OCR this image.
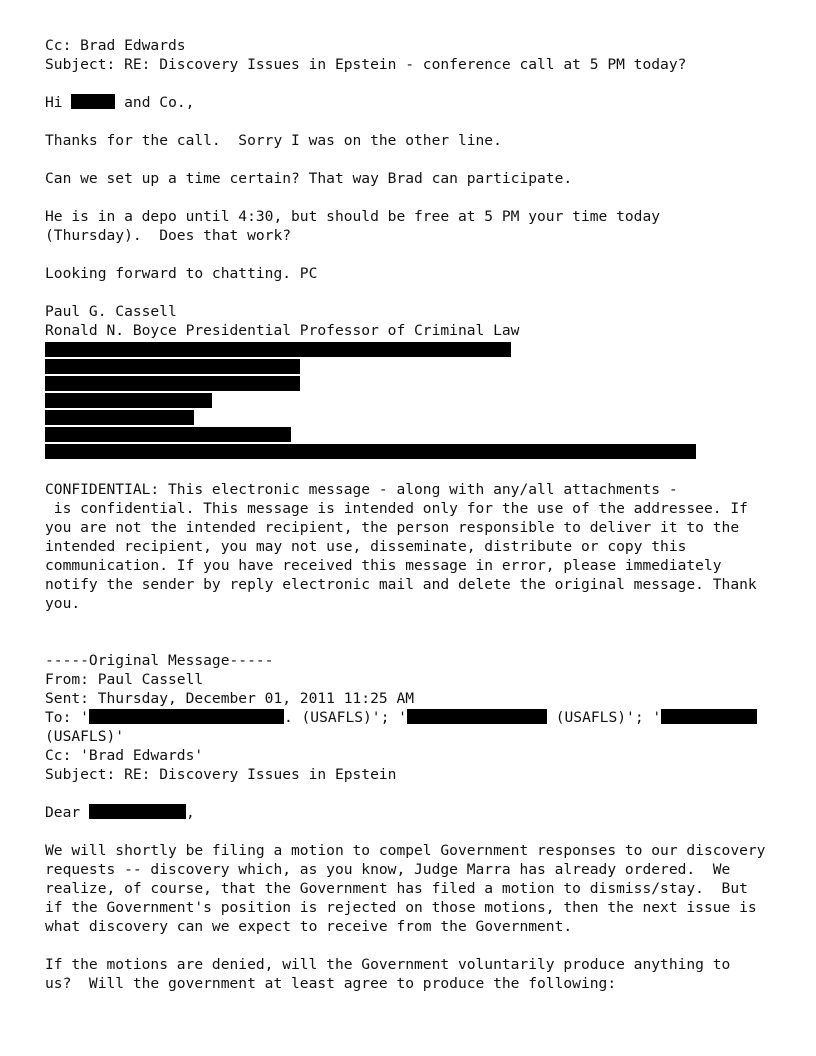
Cc: Brad Edwards
Subject: RE: Discovery Issues in Epstein - conference call at 5 PM today?
Hi	and Co.,
Thanks for the call.  Sorry I was on the other line.
Can we set up a time certain? That way Brad can participate.
He is in a depo until 4:30, but should be free at 5 PM your time today
(Thursday).  Does that work?
Looking forward to chatting. PC
Paul G. Cassell
Ronald N. Boyce Presidential Professor of Criminal Law
CONFIDENTIAL: This electronic message - along with any/all attachments -
is confidential. This message is intended only for the use of the addressee. If
you are not the intended recipient, the person responsible to deliver it to the
intended recipient, you may not use, disseminate, distribute or copy this
communication. If you have received this message in error, please immediately
notify the sender by reply electronic mail and delete the original message. Thank
you.
-----Original Message-----
From: Paul Cassell
Sent: Thursday, December 01, 2011 11:25 AM
To: '	. (USAFLS)'; '	(USAFLS)'; '
(USAFLS)'
Cc: 'Brad Edwards'
Subject: RE: Discovery Issues in Epstein
Dear	,
We will shortly be filing a motion to compel Government responses to our discovery
requests -- discovery which, as you know, Judge Marra has already ordered.  We
realize, of course, that the Government has filed a motion to dismiss/stay.  But
if the Government's position is rejected on those motions, then the next issue is
what discovery can we expect to receive from the Government.
If the motions are denied, will the Government voluntarily produce anything to
us?  Will the government at least agree to produce the following:
